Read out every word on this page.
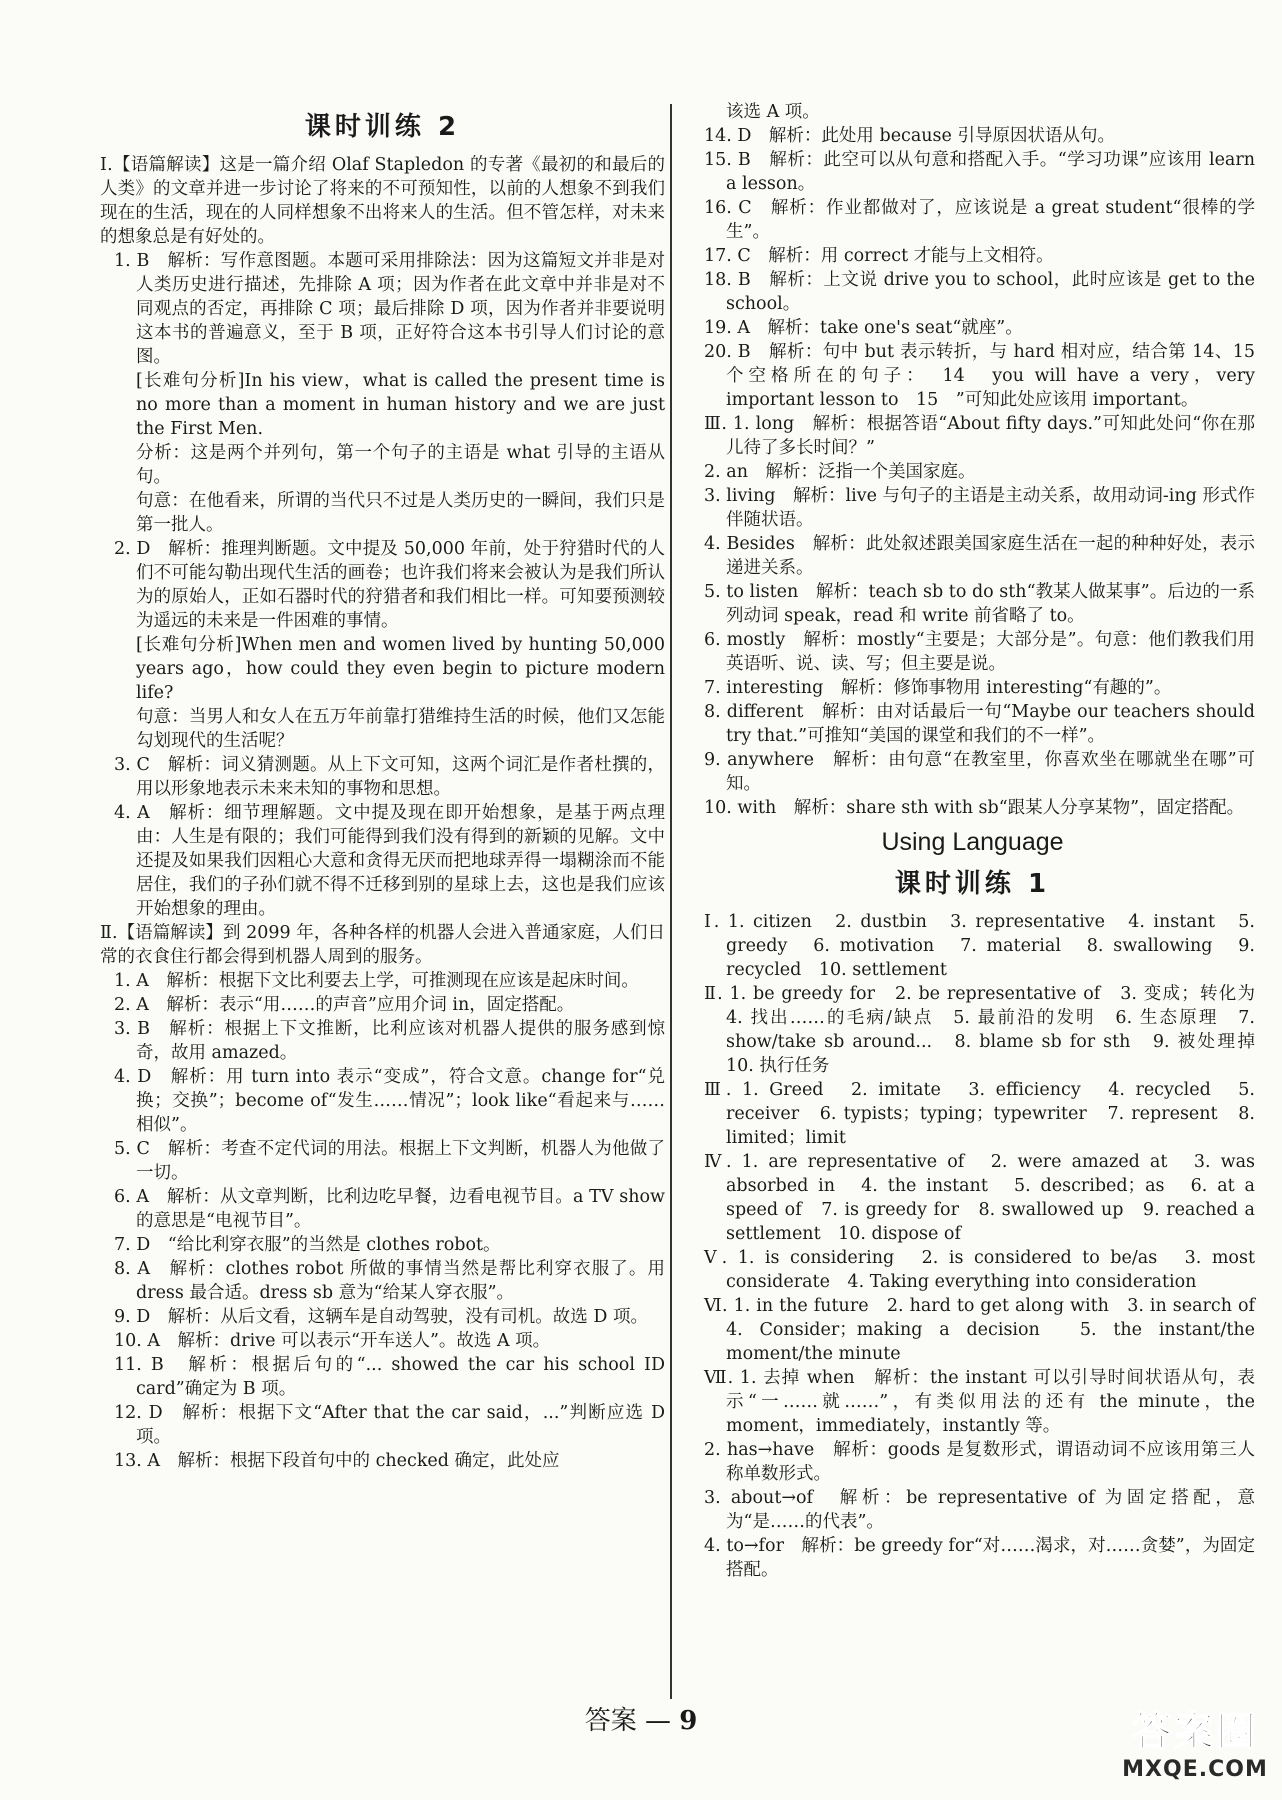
课时训练 2
Ⅰ.【语篇解读】这是一篇介绍 Olaf Stapledon 的专著《最初的和最后的人类》的文章并进一步讨论了将来的不可预知性，以前的人想象不到我们现在的生活，现在的人同样想象不出将来人的生活。但不管怎样，对未来的想象总是有好处的。
1. B　解析：写作意图题。本题可采用排除法：因为这篇短文并非是对人类历史进行描述，先排除 A 项；因为作者在此文章中并非是对不同观点的否定，再排除 C 项；最后排除 D 项，因为作者并非要说明这本书的普遍意义，至于 B 项，正好符合这本书引导人们讨论的意图。
[长难句分析]In his view，what is called the present time is no more than a moment in human history and we are just the First Men.
分析：这是两个并列句，第一个句子的主语是 what 引导的主语从句。
句意：在他看来，所谓的当代只不过是人类历史的一瞬间，我们只是第一批人。
2. D　解析：推理判断题。文中提及 50,000 年前，处于狩猎时代的人们不可能勾勒出现代生活的画卷；也许我们将来会被认为是我们所认为的原始人，正如石器时代的狩猎者和我们相比一样。可知要预测较为遥远的未来是一件困难的事情。
[长难句分析]When men and women lived by hunting 50,000 years ago，how could they even begin to picture modern life?
句意：当男人和女人在五万年前靠打猎维持生活的时候，他们又怎能勾划现代的生活呢？
3. C　解析：词义猜测题。从上下文可知，这两个词汇是作者杜撰的，用以形象地表示未来未知的事物和思想。
4. A　解析：细节理解题。文中提及现在即开始想象，是基于两点理由：人生是有限的；我们可能得到我们没有得到的新颖的见解。文中还提及如果我们因粗心大意和贪得无厌而把地球弄得一塌糊涂而不能居住，我们的子孙们就不得不迁移到别的星球上去，这也是我们应该开始想象的理由。
Ⅱ.【语篇解读】到 2099 年，各种各样的机器人会进入普通家庭，人们日常的衣食住行都会得到机器人周到的服务。
1. A　解析：根据下文比利要去上学，可推测现在应该是起床时间。
2. A　解析：表示“用……的声音”应用介词 in，固定搭配。
3. B　解析：根据上下文推断，比利应该对机器人提供的服务感到惊奇，故用 amazed。
4. D　解析：用 turn into 表示“变成”，符合文意。change for“兑换；交换”；become of“发生……情况”；look like“看起来与……相似”。
5. C　解析：考查不定代词的用法。根据上下文判断，机器人为他做了一切。
6. A　解析：从文章判断，比利边吃早餐，边看电视节目。a TV show 的意思是“电视节目”。
7. D　“给比利穿衣服”的当然是 clothes robot。
8. A　解析：clothes robot 所做的事情当然是帮比利穿衣服了。用 dress 最合适。dress sb 意为“给某人穿衣服”。
9. D　解析：从后文看，这辆车是自动驾驶，没有司机。故选 D 项。
10. A　解析：drive 可以表示“开车送人”。故选 A 项。
11. B　解析：根据后句的“... showed the car his school ID card”确定为 B 项。
12. D　解析：根据下文“After that the car said，...”判断应选 D 项。
13. A　解析：根据下段首句中的 checked 确定，此处应
该选 A 项。
14. D　解析：此处用 because 引导原因状语从句。
15. B　解析：此空可以从句意和搭配入手。“学习功课”应该用 learn a lesson。
16. C　解析：作业都做对了，应该说是 a great student“很棒的学生”。
17. C　解析：用 correct 才能与上文相符。
18. B　解析：上文说 drive you to school，此时应该是 get to the school。
19. A　解析：take one's seat“就座”。
20. B　解析：句中 but 表示转折，与 hard 相对应，结合第 14、15 个空格所在的句子：　14　you will have a very，very important lesson to　15　”可知此处应该用 important。
Ⅲ. 1. long　解析：根据答语“About fifty days.”可知此处问“你在那儿待了多长时间？”
2. an　解析：泛指一个美国家庭。
3. living　解析：live 与句子的主语是主动关系，故用动词-ing 形式作伴随状语。
4. Besides　解析：此处叙述跟美国家庭生活在一起的种种好处，表示递进关系。
5. to listen　解析：teach sb to do sth“教某人做某事”。后边的一系列动词 speak，read 和 write 前省略了 to。
6. mostly　解析：mostly“主要是；大部分是”。句意：他们教我们用英语听、说、读、写；但主要是说。
7. interesting　解析：修饰事物用 interesting“有趣的”。
8. different　解析：由对话最后一句“Maybe our teachers should try that.”可推知“美国的课堂和我们的不一样”。
9. anywhere　解析：由句意“在教室里，你喜欢坐在哪就坐在哪”可知。
10. with　解析：share sth with sb“跟某人分享某物”，固定搭配。
Using Language
课时训练 1
Ⅰ. 1. citizen　2. dustbin　3. representative　4. instant　5. greedy　6. motivation　7. material　8. swallowing　9. recycled　10. settlement
Ⅱ. 1. be greedy for　2. be representative of　3. 变成；转化为　4. 找出……的毛病/缺点　5. 最前沿的发明　6. 生态原理　7. show/take sb around...　8. blame sb for sth　9. 被处理掉　10. 执行任务
Ⅲ. 1. Greed　2. imitate　3. efficiency　4. recycled　5. receiver　6. typists；typing；typewriter　7. represent　8. limited；limit
Ⅳ. 1. are representative of　2. were amazed at　3. was absorbed in　4. the instant　5. described；as　6. at a speed of　7. is greedy for　8. swallowed up　9. reached a settlement　10. dispose of
Ⅴ. 1. is considering　2. is considered to be/as　3. most considerate　4. Taking everything into consideration
Ⅵ. 1. in the future　2. hard to get along with　3. in search of　4. Consider；making a decision　5. the instant/the moment/the minute
Ⅶ. 1. 去掉 when　解析：the instant 可以引导时间状语从句，表示“一……就……”，有类似用法的还有 the minute，the moment，immediately，instantly 等。
2. has→have　解析：goods 是复数形式，谓语动词不应该用第三人称单数形式。
3. about→of　解析：be representative of 为固定搭配，意为“是……的代表”。
4. to→for　解析：be greedy for“对……渴求，对……贪婪”，为固定搭配。
答案 — 9	答案圈
MXQE.COM
